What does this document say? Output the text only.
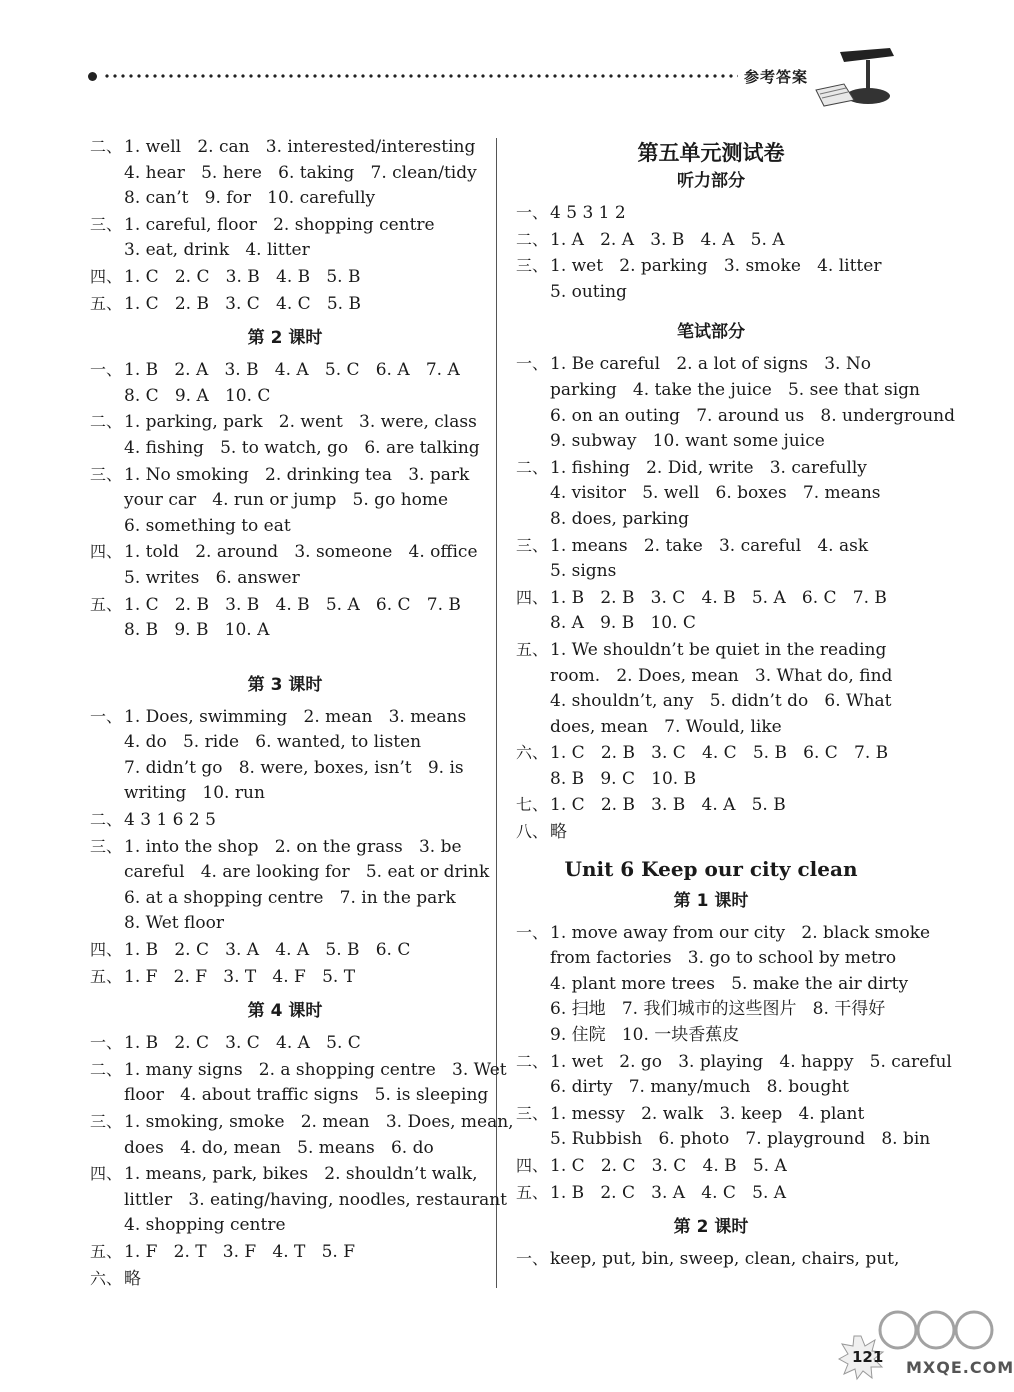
参考答案
二、 1. well   2. can   3. interested/interesting
4. hear   5. here   6. taking   7. clean/tidy
8. can’t   9. for   10. carefully
三、 1. careful, floor   2. shopping centre
3. eat, drink   4. litter
四、 1. C   2. C   3. B   4. B   5. B
五、 1. C   2. B   3. C   4. C   5. B
第 2 课时
一、 1. B   2. A   3. B   4. A   5. C   6. A   7. A
8. C   9. A   10. C
二、 1. parking, park   2. went   3. were, class
4. fishing   5. to watch, go   6. are talking
三、 1. No smoking   2. drinking tea   3. park
your car   4. run or jump   5. go home
6. something to eat
四、 1. told   2. around   3. someone   4. office
5. writes   6. answer
五、 1. C   2. B   3. B   4. B   5. A   6. C   7. B
8. B   9. B   10. A
第 3 课时
一、 1. Does, swimming   2. mean   3. means
4. do   5. ride   6. wanted, to listen
7. didn’t go   8. were, boxes, isn’t   9. is
writing   10. run
二、 4 3 1 6 2 5
三、 1. into the shop   2. on the grass   3. be
careful   4. are looking for   5. eat or drink
6. at a shopping centre   7. in the park
8. Wet floor
四、 1. B   2. C   3. A   4. A   5. B   6. C
五、 1. F   2. F   3. T   4. F   5. T
第 4 课时
一、 1. B   2. C   3. C   4. A   5. C
二、 1. many signs   2. a shopping centre   3. Wet
floor   4. about traffic signs   5. is sleeping
三、 1. smoking, smoke   2. mean   3. Does, mean,
does   4. do, mean   5. means   6. do
四、 1. means, park, bikes   2. shouldn’t walk,
littler   3. eating/having, noodles, restaurant
4. shopping centre
五、 1. F   2. T   3. F   4. T   5. F
六、 略
第五单元测试卷
听力部分
一、 4 5 3 1 2
二、 1. A   2. A   3. B   4. A   5. A
三、 1. wet   2. parking   3. smoke   4. litter
5. outing
笔试部分
一、 1. Be careful   2. a lot of signs   3. No
parking   4. take the juice   5. see that sign
6. on an outing   7. around us   8. underground
9. subway   10. want some juice
二、 1. fishing   2. Did, write   3. carefully
4. visitor   5. well   6. boxes   7. means
8. does, parking
三、 1. means   2. take   3. careful   4. ask
5. signs
四、 1. B   2. B   3. C   4. B   5. A   6. C   7. B
8. A   9. B   10. C
五、 1. We shouldn’t be quiet in the reading
room.   2. Does, mean   3. What do, find
4. shouldn’t, any   5. didn’t do   6. What
does, mean   7. Would, like
六、 1. C   2. B   3. C   4. C   5. B   6. C   7. B
8. B   9. C   10. B
七、 1. C   2. B   3. B   4. A   5. B
八、 略
Unit 6 Keep our city clean
第 1 课时
一、 1. move away from our city   2. black smoke
from factories   3. go to school by metro
4. plant more trees   5. make the air dirty
6. 扫地   7. 我们城市的这些图片   8. 干得好
9. 住院   10. 一块香蕉皮
二、 1. wet   2. go   3. playing   4. happy   5. careful
6. dirty   7. many/much   8. bought
三、 1. messy   2. walk   3. keep   4. plant
5. Rubbish   6. photo   7. playground   8. bin
四、 1. C   2. C   3. C   4. B   5. A
五、 1. B   2. C   3. A   4. C   5. A
第 2 课时
一、 keep, put, bin, sweep, clean, chairs, put,
121
MXQE.COM
